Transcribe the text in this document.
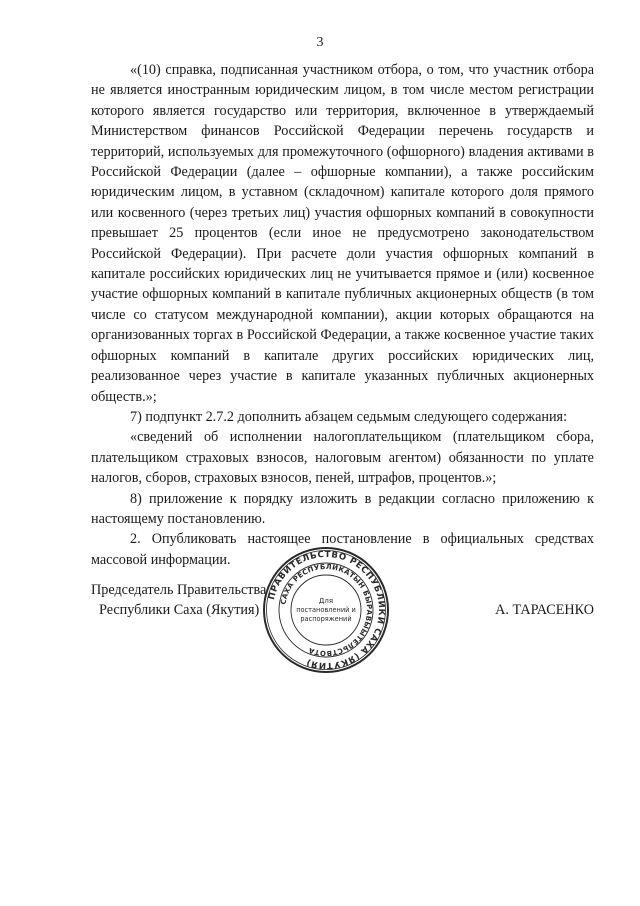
3

«(10) справка, подписанная участником отбора, о том, что участник отбора не является иностранным юридическим лицом, в том числе местом регистрации которого является государство или территория, включенное в утверждаемый Министерством финансов Российской Федерации перечень государств и территорий, используемых для промежуточного (офшорного) владения активами в Российской Федерации (далее – офшорные компании), а также российским юридическим лицом, в уставном (складочном) капитале которого доля прямого или косвенного (через третьих лиц) участия офшорных компаний в совокупности превышает 25 процентов (если иное не предусмотрено законодательством Российской Федерации). При расчете доли участия офшорных компаний в капитале российских юридических лиц не учитывается прямое и (или) косвенное участие офшорных компаний в капитале публичных акционерных обществ (в том числе со статусом международной компании), акции которых обращаются на организованных торгах в Российской Федерации, а также косвенное участие таких офшорных компаний в капитале других российских юридических лиц, реализованное через участие в капитале указанных публичных акционерных обществ.»;

7) подпункт 2.7.2 дополнить абзацем седьмым следующего содержания:

«сведений об исполнении налогоплательщиком (плательщиком сбора, плательщиком страховых взносов, налоговым агентом) обязанности по уплате налогов, сборов, страховых взносов, пеней, штрафов, процентов.»;

8) приложение к порядку изложить в редакции согласно приложению к настоящему постановлению.

2. Опубликовать настоящее постановление в официальных средствах массовой информации.

Председатель Правительства
Республики Саха (Якутия)	А. ТАРАСЕНКО
ПРАВИТЕЛЬСТВО РЕСПУБЛИКИ САХА (ЯКУТИЯ)
САХА РЕСПУБЛИКАТЫН БЫРАВЫЫТЕЛЬСТВОТА
Для
постановлений и
распоряжений
